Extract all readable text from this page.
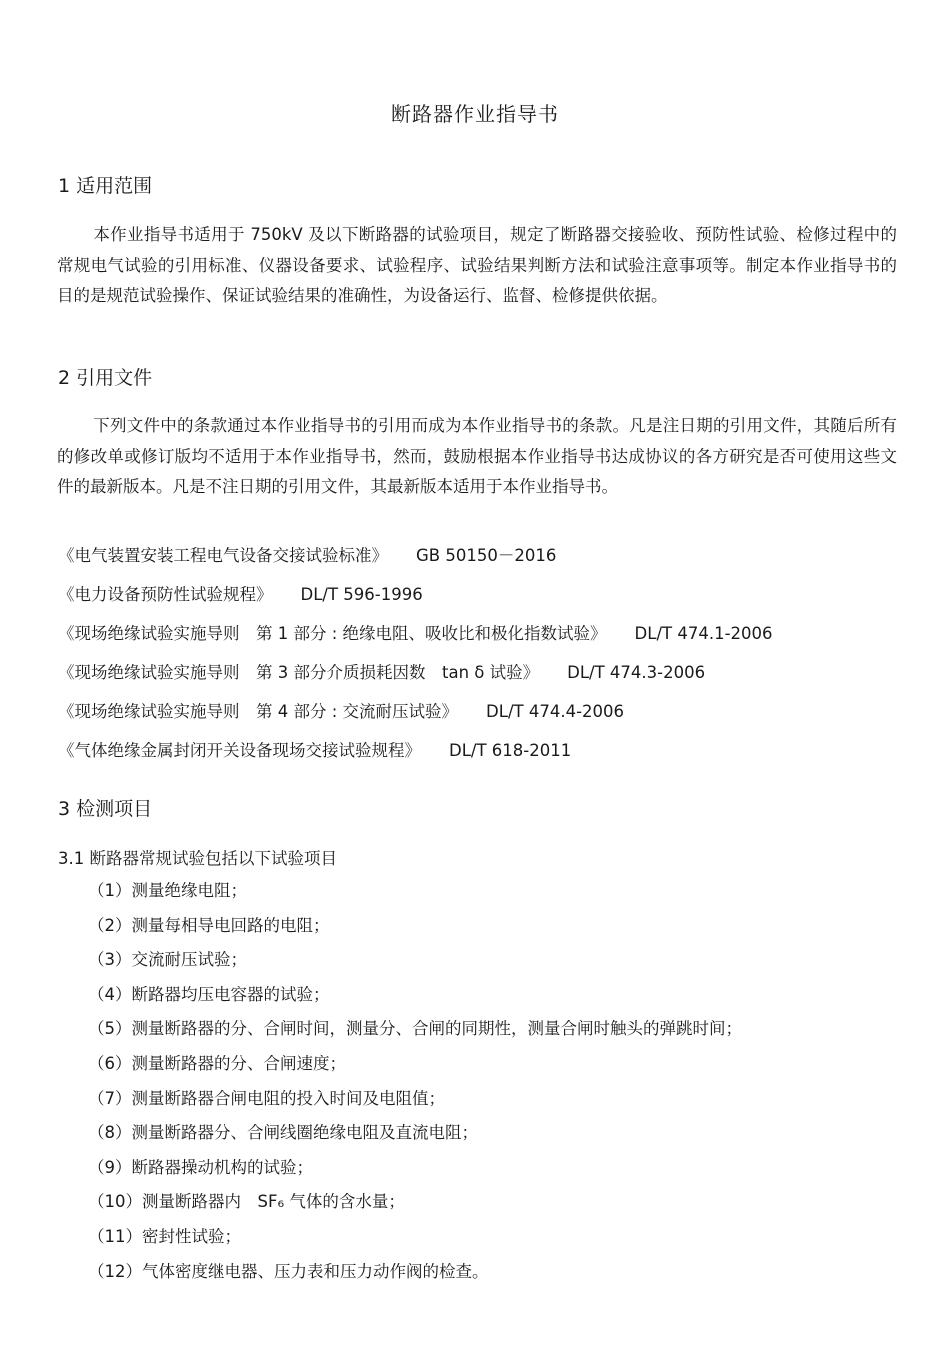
断路器作业指导书
1 适用范围

本作业指导书适用于 750kV 及以下断路器的试验项目，规定了断路器交接验收、预防性试验、检修过程中的常规电气试验的引用标准、仪器设备要求、试验程序、试验结果判断方法和试验注意事项等。制定本作业指导书的目的是规范试验操作、保证试验结果的准确性，为设备运行、监督、检修提供依据。

2 引用文件

下列文件中的条款通过本作业指导书的引用而成为本作业指导书的条款。凡是注日期的引用文件，其随后所有的修改单或修订版均不适用于本作业指导书，然而，鼓励根据本作业指导书达成协议的各方研究是否可使用这些文件的最新版本。凡是不注日期的引用文件，其最新版本适用于本作业指导书。

《电气装置安装工程电气设备交接试验标准》 GB 50150－2016
《电力设备预防性试验规程》 DL/T 596-1996
《现场绝缘试验实施导则　第 1 部分 : 绝缘电阻、吸收比和极化指数试验》 DL/T 474.1-2006
《现场绝缘试验实施导则　第 3 部分介质损耗因数　tan δ 试验》 DL/T 474.3-2006
《现场绝缘试验实施导则　第 4 部分 : 交流耐压试验》 DL/T 474.4-2006
《气体绝缘金属封闭开关设备现场交接试验规程》 DL/T 618-2011
3 检测项目
3.1 断路器常规试验包括以下试验项目
（1）测量绝缘电阻；
（2）测量每相导电回路的电阻；
（3）交流耐压试验；
（4）断路器均压电容器的试验；
（5）测量断路器的分、合闸时间，测量分、合闸的同期性，测量合闸时触头的弹跳时间；
（6）测量断路器的分、合闸速度；
（7）测量断路器合闸电阻的投入时间及电阻值；
（8）测量断路器分、合闸线圈绝缘电阻及直流电阻；
（9）断路器操动机构的试验；
（10）测量断路器内　SF₆ 气体的含水量；
（11）密封性试验；
（12）气体密度继电器、压力表和压力动作阀的检查。
